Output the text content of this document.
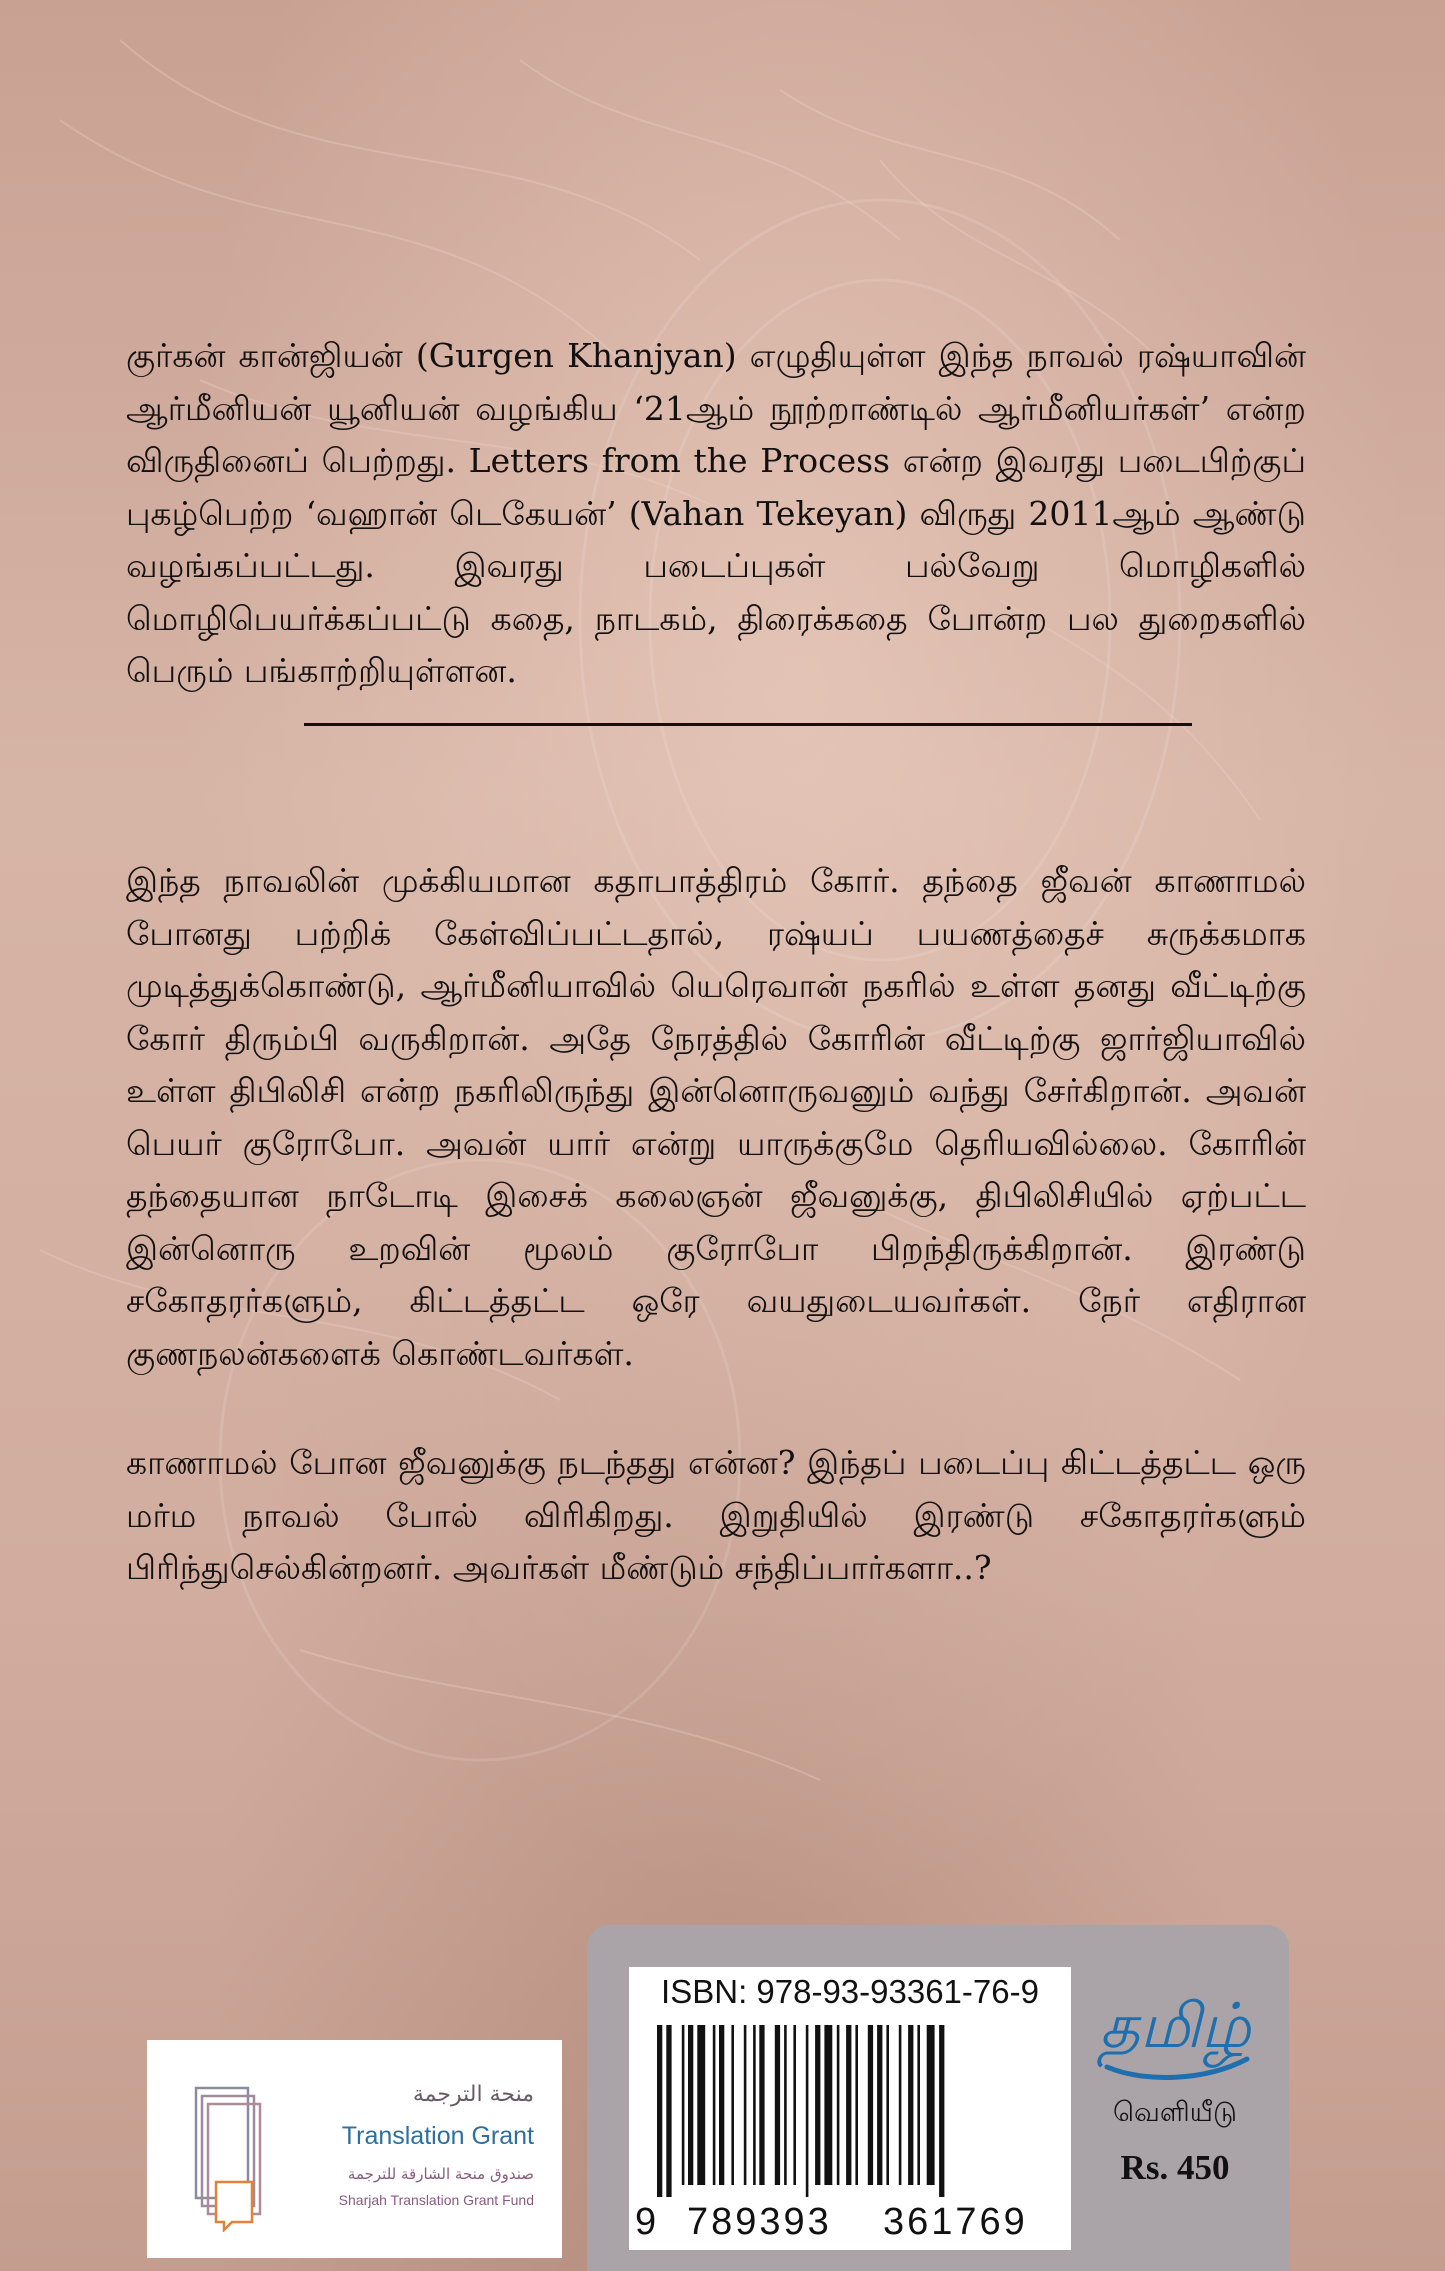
குர்கன் கான்ஜியன் (Gurgen Khanjyan) எழுதியுள்ள இந்த நாவல் ரஷ்யாவின் ஆர்மீனியன் யூனியன் வழங்கிய ‘21ஆம் நூற்றாண்டில் ஆர்மீனியர்கள்’ என்ற விருதினைப் பெற்றது. Letters from the Process என்ற இவரது படைபிற்குப் புகழ்பெற்ற ‘வஹான் டெகேயன்’ (Vahan Tekeyan) விருது 2011ஆம் ஆண்டு வழங்கப்பட்டது. இவரது படைப்புகள் பல்வேறு மொழிகளில் மொழிபெயர்க்கப்பட்டு கதை, நாடகம், திரைக்கதை போன்ற பல துறைகளில் பெரும் பங்காற்றியுள்ளன.

இந்த நாவலின் முக்கியமான கதாபாத்திரம் கோர். தந்தை ஜீவன் காணாமல் போனது பற்றிக் கேள்விப்பட்டதால், ரஷ்யப் பயணத்தைச் சுருக்கமாக முடித்துக்கொண்டு, ஆர்மீனியாவில் யெரெவான் நகரில் உள்ள தனது வீட்டிற்கு கோர் திரும்பி வருகிறான். அதே நேரத்தில் கோரின் வீட்டிற்கு ஜார்ஜியாவில் உள்ள திபிலிசி என்ற நகரிலிருந்து இன்னொருவனும் வந்து சேர்கிறான். அவன் பெயர் குரோபோ. அவன் யார் என்று யாருக்குமே தெரியவில்லை. கோரின் தந்தையான நாடோடி இசைக் கலைஞன் ஜீவனுக்கு, திபிலிசியில் ஏற்பட்ட இன்னொரு உறவின் மூலம் குரோபோ பிறந்திருக்கிறான். இரண்டு சகோதரர்களும், கிட்டத்தட்ட ஒரே வயதுடையவர்கள். நேர் எதிரான குணநலன்களைக் கொண்டவர்கள்.

காணாமல் போன ஜீவனுக்கு நடந்தது என்ன? இந்தப் படைப்பு கிட்டத்தட்ட ஒரு மர்ம நாவல் போல் விரிகிறது. இறுதியில் இரண்டு சகோதரர்களும் பிரிந்துசெல்கின்றனர். அவர்கள் மீண்டும் சந்திப்பார்களா..?

منحة الترجمة
Translation Grant
صندوق منحة الشارقة للترجمة
Sharjah Translation Grant Fund
ISBN: 978-93-93361-76-9
9 789393 361769
தமிழ்
வெளியீடு
Rs. 450
